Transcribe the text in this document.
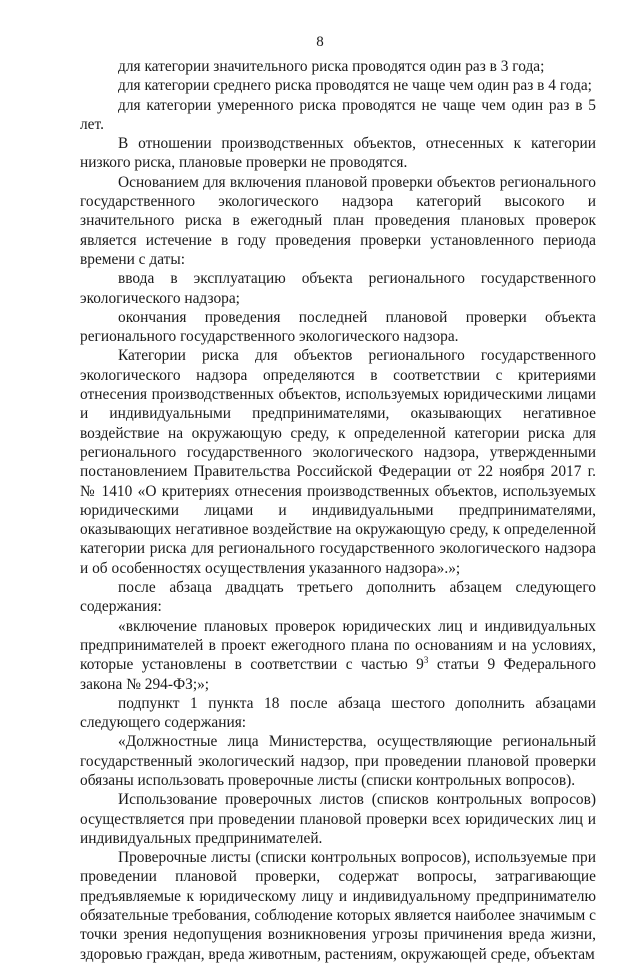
8

для категории значительного риска проводятся один раз в 3 года;

для категории среднего риска проводятся не чаще чем один раз в 4 года;

для категории умеренного риска проводятся не чаще чем один раз в 5 лет.

В отношении производственных объектов, отнесенных к категории низкого риска, плановые проверки не проводятся.

Основанием для включения плановой проверки объектов регионального государственного экологического надзора категорий высокого и значительного риска в ежегодный план проведения плановых проверок является истечение в году проведения проверки установленного периода времени с даты:

ввода в эксплуатацию объекта регионального государственного экологического надзора;

окончания проведения последней плановой проверки объекта регионального государственного экологического надзора.

Категории риска для объектов регионального государственного экологического надзора определяются в соответствии с критериями отнесения производственных объектов, используемых юридическими лицами и индивидуальными предпринимателями, оказывающих негативное воздействие на окружающую среду, к определенной категории риска для регионального государственного экологического надзора, утвержденными постановлением Правительства Российской Федерации от 22 ноября 2017 г. № 1410 «О критериях отнесения производственных объектов, используемых юридическими лицами и индивидуальными предпринимателями, оказывающих негативное воздействие на окружающую среду, к определенной категории риска для регионального государственного экологического надзора и об особенностях осуществления указанного надзора».»;

после абзаца двадцать третьего дополнить абзацем следующего содержания:

«включение плановых проверок юридических лиц и индивидуальных предпринимателей в проект ежегодного плана по основаниям и на условиях, которые установлены в соответствии с частью $9^3$ статьи 9 Федерального закона № 294-ФЗ;»;

подпункт 1 пункта 18 после абзаца шестого дополнить абзацами следующего содержания:

«Должностные лица Министерства, осуществляющие региональный государственный экологический надзор, при проведении плановой проверки обязаны использовать проверочные листы (списки контрольных вопросов).

Использование проверочных листов (списков контрольных вопросов) осуществляется при проведении плановой проверки всех юридических лиц и индивидуальных предпринимателей.

Проверочные листы (списки контрольных вопросов), используемые при проведении плановой проверки, содержат вопросы, затрагивающие предъявляемые к юридическому лицу и индивидуальному предпринимателю обязательные требования, соблюдение которых является наиболее значимым с точки зрения недопущения возникновения угрозы причинения вреда жизни, здоровью граждан, вреда животным, растениям, окружающей среде, объектам
